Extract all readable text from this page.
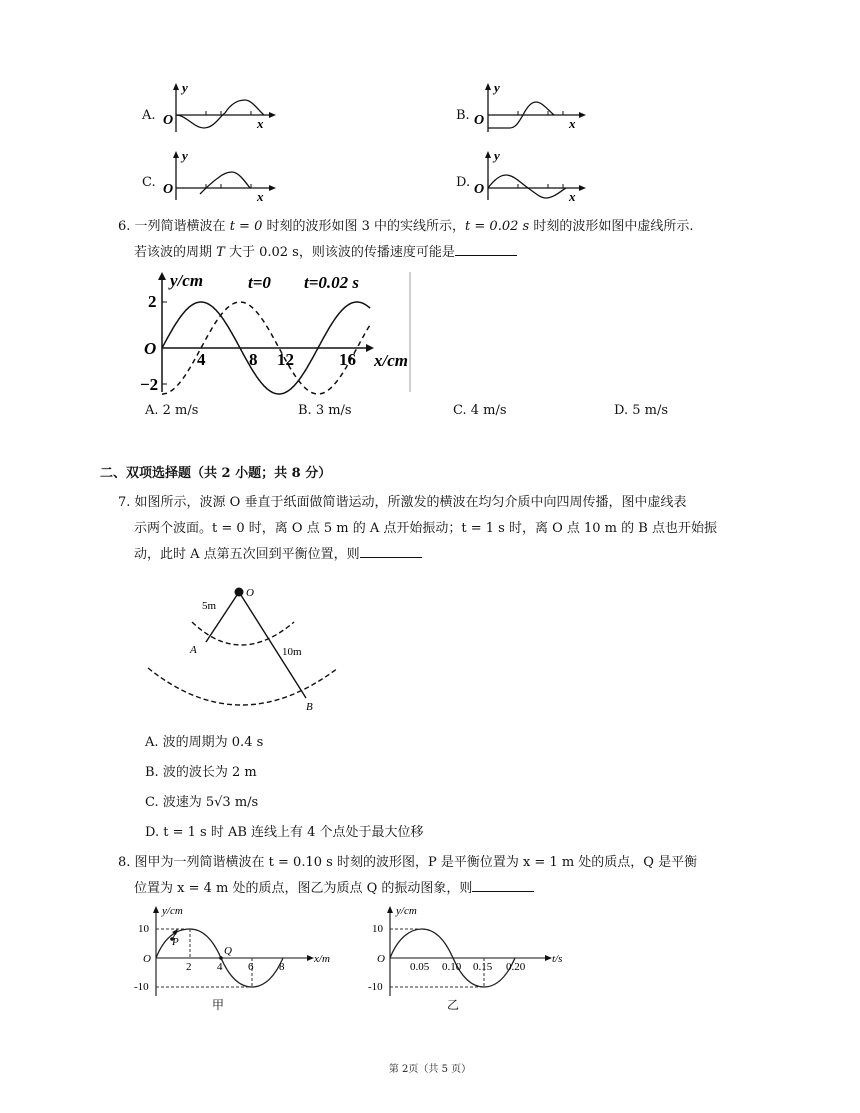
A.
y
O	x
B.
y
O	x
C.
y
O	x
D.
y
O	x
6. 一列简谐横波在 t = 0 时刻的波形如图 3 中的实线所示，t = 0.02 s 时刻的波形如图中虚线所示.
若该波的周期 T 大于 0.02 s，则该波的传播速度可能是
y/cm	t=0 t=0.02 s
O
2
−2
4	8 12	16 x/cm
A. 2 m/s	B. 3 m/s	C. 4 m/s	D. 5 m/s
二、双项选择题（共 2 小题；共 8 分）
7. 如图所示，波源 O 垂直于纸面做简谐运动，所激发的横波在均匀介质中向四周传播，图中虚线表
示两个波面。t = 0 时，离 O 点 5 m 的 A 点开始振动；t = 1 s 时，离 O 点 10 m 的 B 点也开始振
动，此时 A 点第五次回到平衡位置，则
O
A
B
5m
10m
A. 波的周期为 0.4 s
B. 波的波长为 2 m
C. 波速为 5√3 m/s
D. t = 1 s 时 AB 连线上有 4 个点处于最大位移
8. 图甲为一列简谐横波在 t = 0.10 s 时刻的波形图，P 是平衡位置为 x = 1 m 处的质点，Q 是平衡
位置为 x = 4 m 处的质点，图乙为质点 Q 的振动图象，则
y/cm
10
-10
O
P
Q
2 4 6 8
x/m
甲
y/cm
10
-10
O
0.05 0.10 0.15 0.20
t/s
乙
第 2页（共 5 页）
